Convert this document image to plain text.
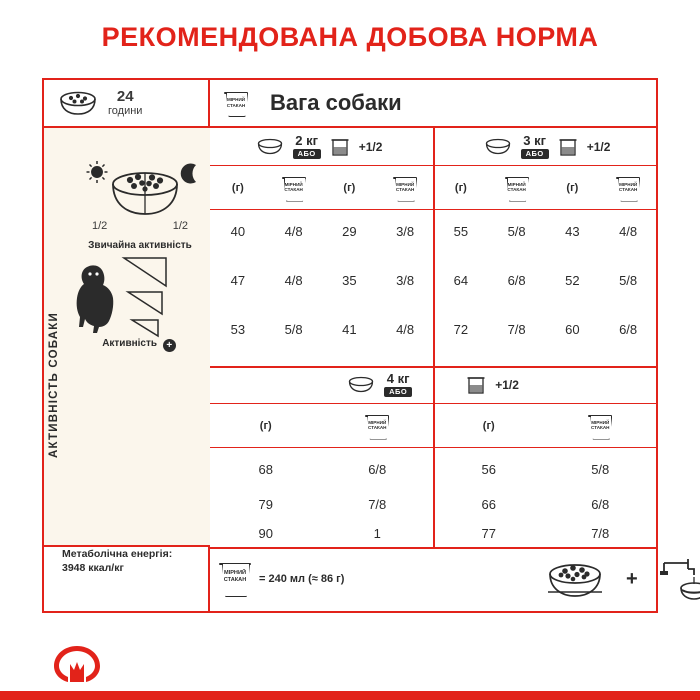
РЕКОМЕНДОВАНА ДОБОВА НОРМА
24
години
АКТИВНІСТЬ СОБАКИ
1/2	1/2
Звичайна активність
Активність +
Метаболічна енергія:
3948 ккал/кг
МІРНИЙ СТАКАН	Вага собаки
2 кг
АБО	+1/2	3 кг
АБО	+1/2
(г)	МІРНИЙ СТАКАН	(г)	МІРНИЙ СТАКАН	(г)	МІРНИЙ СТАКАН	(г)	МІРНИЙ СТАКАН
40	4/8	29	3/8	55	5/8	43	4/8
47	4/8	35	3/8	64	6/8	52	5/8
53	5/8	41	4/8	72	7/8	60	6/8
4 кг
АБО	+1/2
(г)	МІРНИЙ СТАКАН	(г)	МІРНИЙ СТАКАН
68	6/8	56	5/8
79	7/8	66	6/8
90	1	77	7/8
МІРНИЙ СТАКАН	= 240 мл (≈ 86 г)	+
